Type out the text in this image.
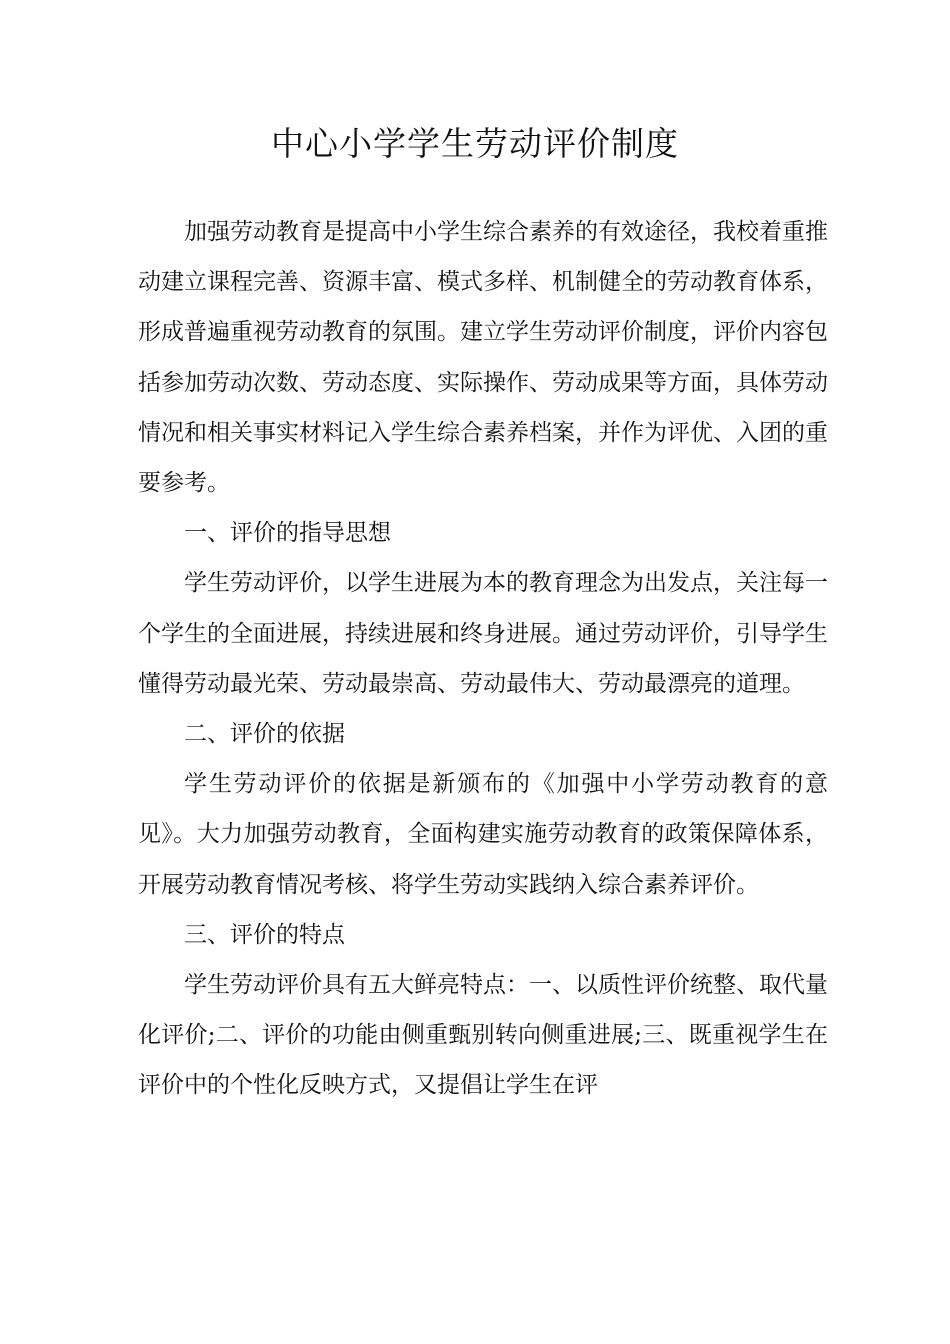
中心小学学生劳动评价制度

加强劳动教育是提高中小学生综合素养的有效途径，我校着重推动建立课程完善、资源丰富、模式多样、机制健全的劳动教育体系，形成普遍重视劳动教育的氛围。建立学生劳动评价制度，评价内容包括参加劳动次数、劳动态度、实际操作、劳动成果等方面，具体劳动情况和相关事实材料记入学生综合素养档案，并作为评优、入团的重要参考。

一、评价的指导思想

学生劳动评价，以学生进展为本的教育理念为出发点，关注每一个学生的全面进展，持续进展和终身进展。通过劳动评价，引导学生懂得劳动最光荣、劳动最崇高、劳动最伟大、劳动最漂亮的道理。

二、评价的依据

学生劳动评价的依据是新颁布的《加强中小学劳动教育的意见》。大力加强劳动教育，全面构建实施劳动教育的政策保障体系，开展劳动教育情况考核、将学生劳动实践纳入综合素养评价。

三、评价的特点

学生劳动评价具有五大鲜亮特点：一、以质性评价统整、取代量化评价;二、评价的功能由侧重甄别转向侧重进展;三、既重视学生在评价中的个性化反映方式，又提倡让学生在评
